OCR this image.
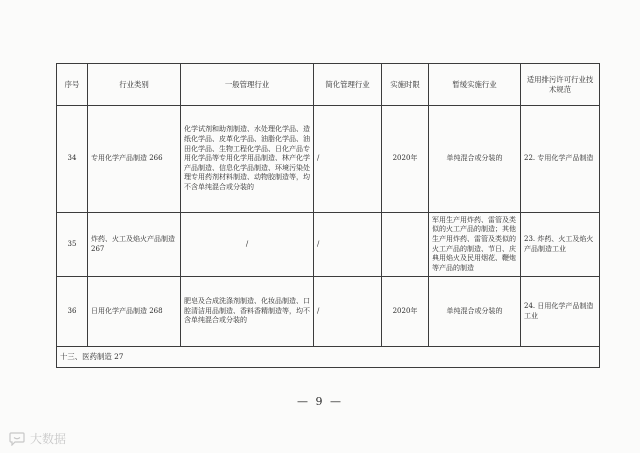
序号	行业类别	一般管理行业	简化管理行业	实施时限	暂缓实施行业	适用排污许可行业技术规范
34	专用化学产品制造 266	化学试剂和助剂制造、水处理化学品、造纸化学品、皮革化学品、油脂化学品、油田化学品、生物工程化学品、日化产品专用化学品等专用化学用品制造、林产化学产品制造、信息化学品制造、环境污染处理专用药剂材料制造、动物胶制造等，均不含单纯混合或分装的	/	2020年	单纯混合或分装的	22. 专用化学产品制造
35	炸药、火工及焰火产品制造 267	/	/		军用生产用炸药、雷管及类似的火工产品的制造；其他生产用炸药、雷管及类似的火工产品的制造、节日、庆典用焰火及民用烟花、鞭炮等产品的制造	23. 炸药、火工及焰火产品制造工业
36	日用化学产品制造 268	肥皂及合成洗涤剂制造、化妆品制造、口腔清洁用品制造、香料香精制造等，均不含单纯混合或分装的	/	2020年	单纯混合或分装的	24. 日用化学产品制造工业
十三、医药制造 27						
— 9 —
大数据
